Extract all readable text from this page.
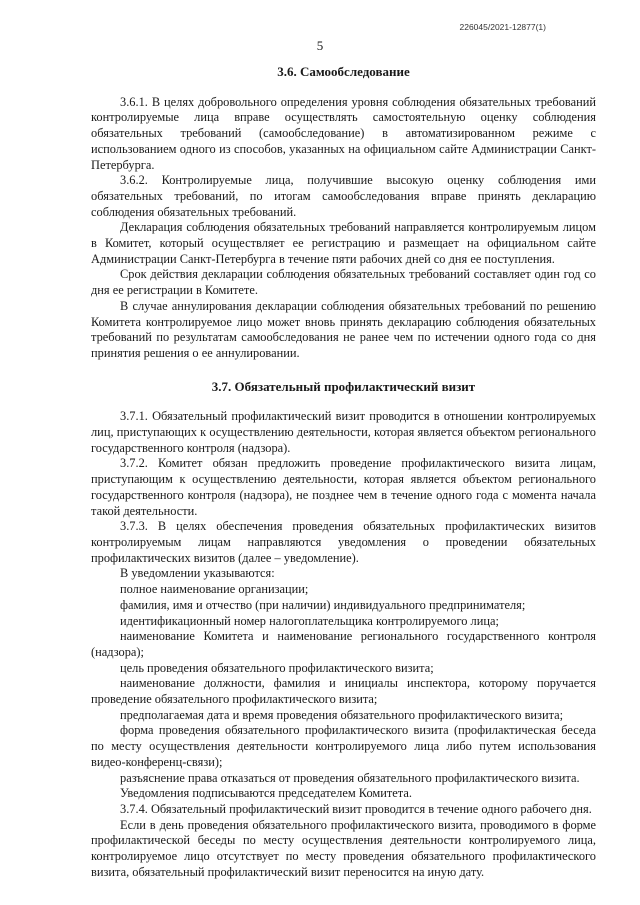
226045/2021-12877(1)
5
3.6. Самообследование

3.6.1. В целях добровольного определения уровня соблюдения обязательных требований контролируемые лица вправе осуществлять самостоятельную оценку соблюдения обязательных требований (самообследование) в автоматизированном режиме с использованием одного из способов, указанных на официальном сайте Администрации Санкт-Петербурга.

3.6.2. Контролируемые лица, получившие высокую оценку соблюдения ими обязательных требований, по итогам самообследования вправе принять декларацию соблюдения обязательных требований.

Декларация соблюдения обязательных требований направляется контролируемым лицом в Комитет, который осуществляет ее регистрацию и размещает на официальном сайте Администрации Санкт-Петербурга в течение пяти рабочих дней со дня ее поступления.

Срок действия декларации соблюдения обязательных требований составляет один год со дня ее регистрации в Комитете.

В случае аннулирования декларации соблюдения обязательных требований по решению Комитета контролируемое лицо может вновь принять декларацию соблюдения обязательных требований по результатам самообследования не ранее чем по истечении одного года со дня принятия решения о ее аннулировании.

3.7. Обязательный профилактический визит

3.7.1. Обязательный профилактический визит проводится в отношении контролируемых лиц, приступающих к осуществлению деятельности, которая является объектом регионального государственного контроля (надзора).

3.7.2. Комитет обязан предложить проведение профилактического визита лицам, приступающим к осуществлению деятельности, которая является объектом регионального государственного контроля (надзора), не позднее чем в течение одного года с момента начала такой деятельности.

3.7.3. В целях обеспечения проведения обязательных профилактических визитов контролируемым лицам направляются уведомления о проведении обязательных профилактических визитов (далее – уведомление).

В уведомлении указываются:

полное наименование организации;

фамилия, имя и отчество (при наличии) индивидуального предпринимателя;

идентификационный номер налогоплательщика контролируемого лица;

наименование Комитета и наименование регионального государственного контроля (надзора);

цель проведения обязательного профилактического визита;

наименование должности, фамилия и инициалы инспектора, которому поручается проведение обязательного профилактического визита;

предполагаемая дата и время проведения обязательного профилактического визита;

форма проведения обязательного профилактического визита (профилактическая беседа по месту осуществления деятельности контролируемого лица либо путем использования видео-конференц-связи);

разъяснение права отказаться от проведения обязательного профилактического визита.

Уведомления подписываются председателем Комитета.

3.7.4. Обязательный профилактический визит проводится в течение одного рабочего дня.

Если в день проведения обязательного профилактического визита, проводимого в форме профилактической беседы по месту осуществления деятельности контролируемого лица, контролируемое лицо отсутствует по месту проведения обязательного профилактического визита, обязательный профилактический визит переносится на иную дату.
